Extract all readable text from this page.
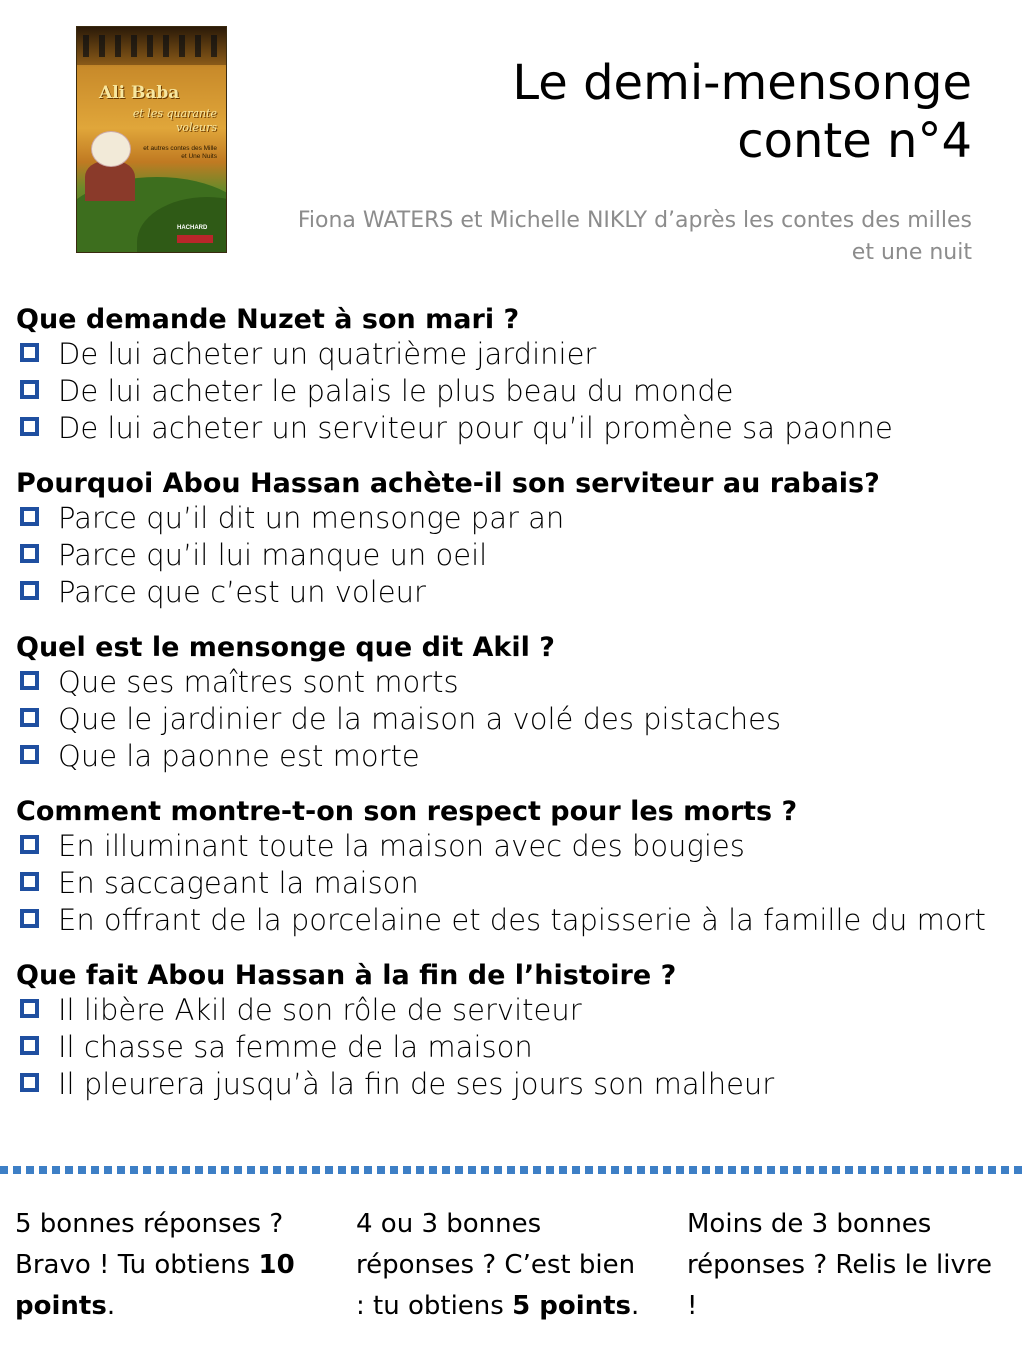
Ali Baba
et les quarante voleurs
et autres contes des Mille et Une Nuits
HACHARD
Le demi-mensonge
conte n°4
Fiona WATERS et Michelle NIKLY d’après les contes des milles et une nuit
Que demande Nuzet à son mari ?
De lui acheter un quatrième jardinier
De lui acheter le palais le plus beau du monde
De lui acheter un serviteur pour qu’il promène sa paonne
Pourquoi Abou Hassan achète-il son serviteur au rabais?
Parce qu’il dit un mensonge par an
Parce qu’il lui manque un oeil
Parce que c’est un voleur
Quel est le mensonge que dit Akil ?
Que ses maîtres sont morts
Que le jardinier de la maison a volé des pistaches
Que la paonne est morte
Comment montre-t-on son respect pour les morts ?
En illuminant toute la maison avec des bougies
En saccageant la maison
En offrant de la porcelaine et des tapisserie à la famille du mort
Que fait Abou Hassan à la fin de l’histoire ?
Il libère Akil de son rôle de serviteur
Il chasse sa femme de la maison
Il pleurera jusqu’à la fin de ses jours son malheur
5 bonnes réponses ? Bravo ! Tu obtiens 10 points.
4 ou 3 bonnes réponses ? C’est bien : tu obtiens 5 points.
Moins de 3 bonnes réponses ? Relis le livre !
